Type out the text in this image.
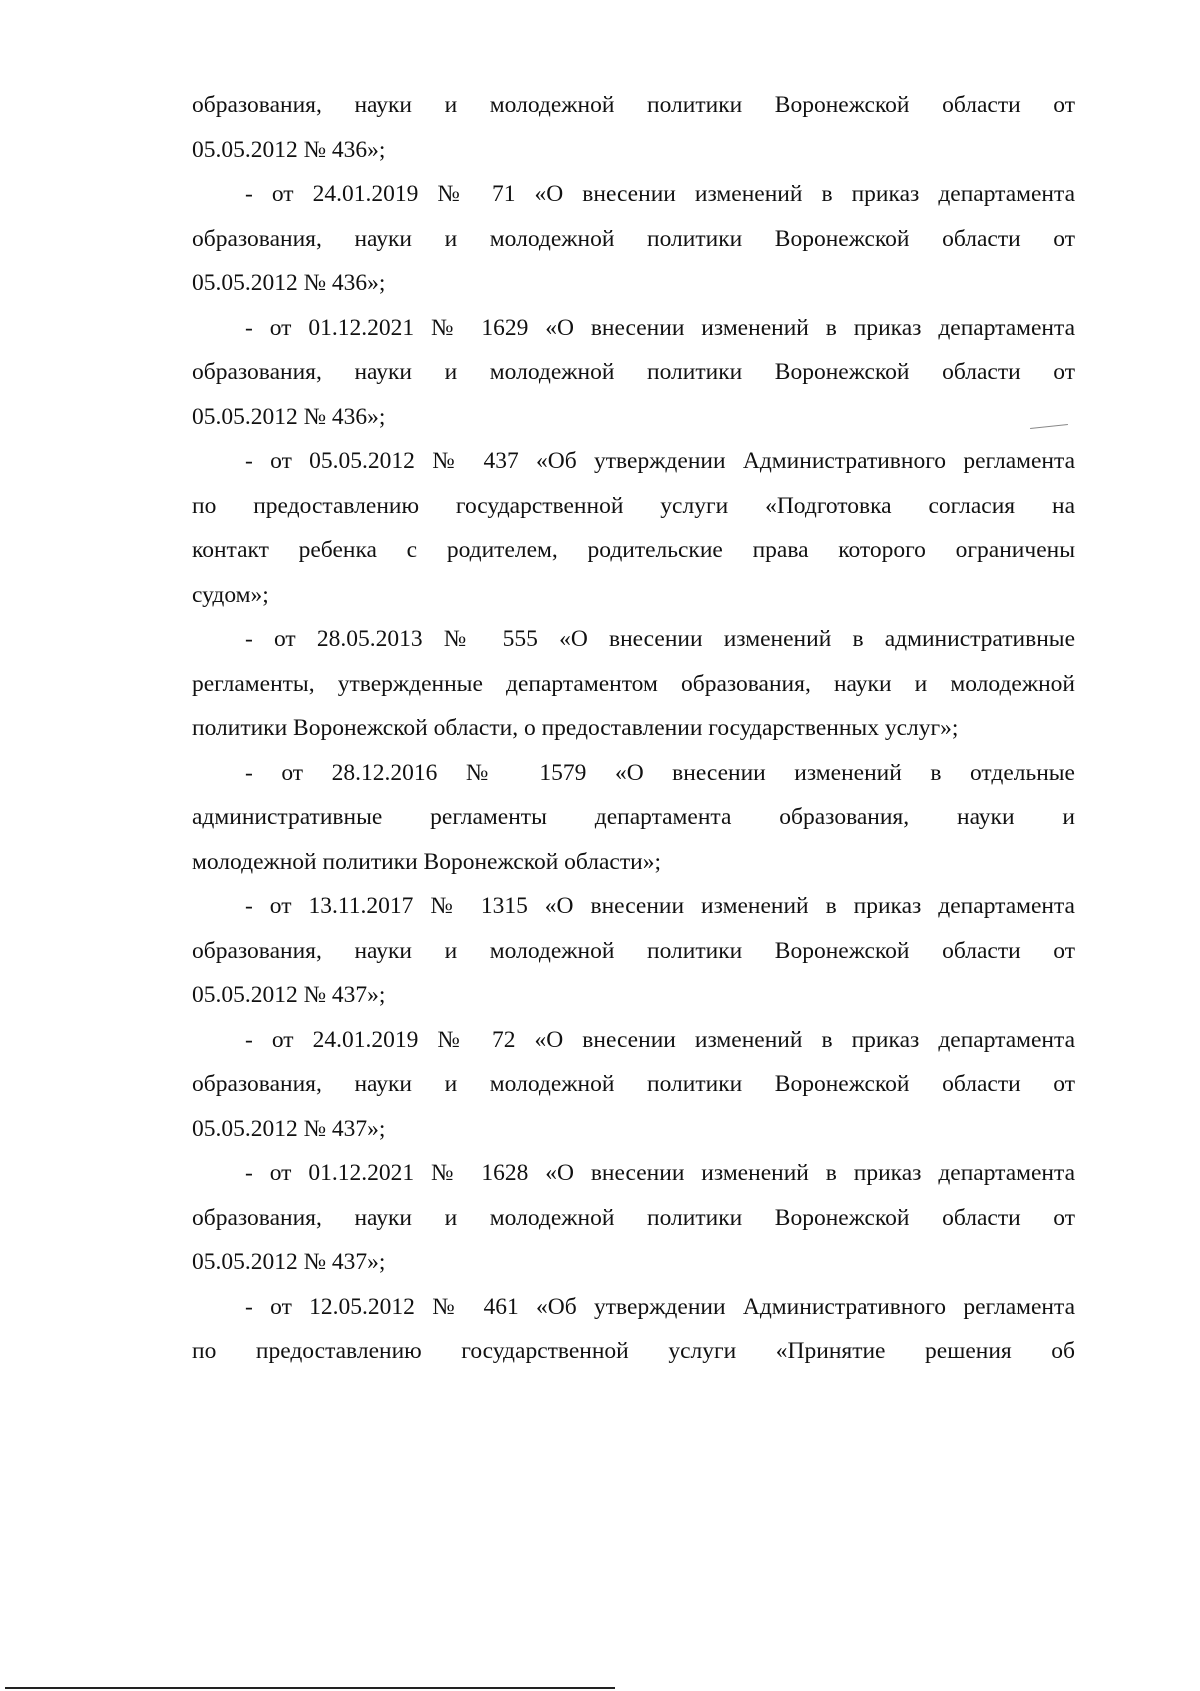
образования, науки и молодежной политики Воронежской области от
05.05.2012 № 436»;
- от 24.01.2019 № 71 «О внесении изменений в приказ департамента
образования, науки и молодежной политики Воронежской области от
05.05.2012 № 436»;
- от 01.12.2021 № 1629 «О внесении изменений в приказ департамента
образования, науки и молодежной политики Воронежской области от
05.05.2012 № 436»;
- от 05.05.2012 № 437 «Об утверждении Административного регламента
по предоставлению государственной услуги «Подготовка согласия на
контакт ребенка с родителем, родительские права которого ограничены
судом»;
- от 28.05.2013 № 555 «О внесении изменений в административные
регламенты, утвержденные департаментом образования, науки и молодежной
политики Воронежской области, о предоставлении государственных услуг»;
- от 28.12.2016 № 1579 «О внесении изменений в отдельные
административные регламенты департамента образования, науки и
молодежной политики Воронежской области»;
- от 13.11.2017 № 1315 «О внесении изменений в приказ департамента
образования, науки и молодежной политики Воронежской области от
05.05.2012 № 437»;
- от 24.01.2019 № 72 «О внесении изменений в приказ департамента
образования, науки и молодежной политики Воронежской области от
05.05.2012 № 437»;
- от 01.12.2021 № 1628 «О внесении изменений в приказ департамента
образования, науки и молодежной политики Воронежской области от
05.05.2012 № 437»;
- от 12.05.2012 № 461 «Об утверждении Административного регламента
по предоставлению государственной услуги «Принятие решения об
